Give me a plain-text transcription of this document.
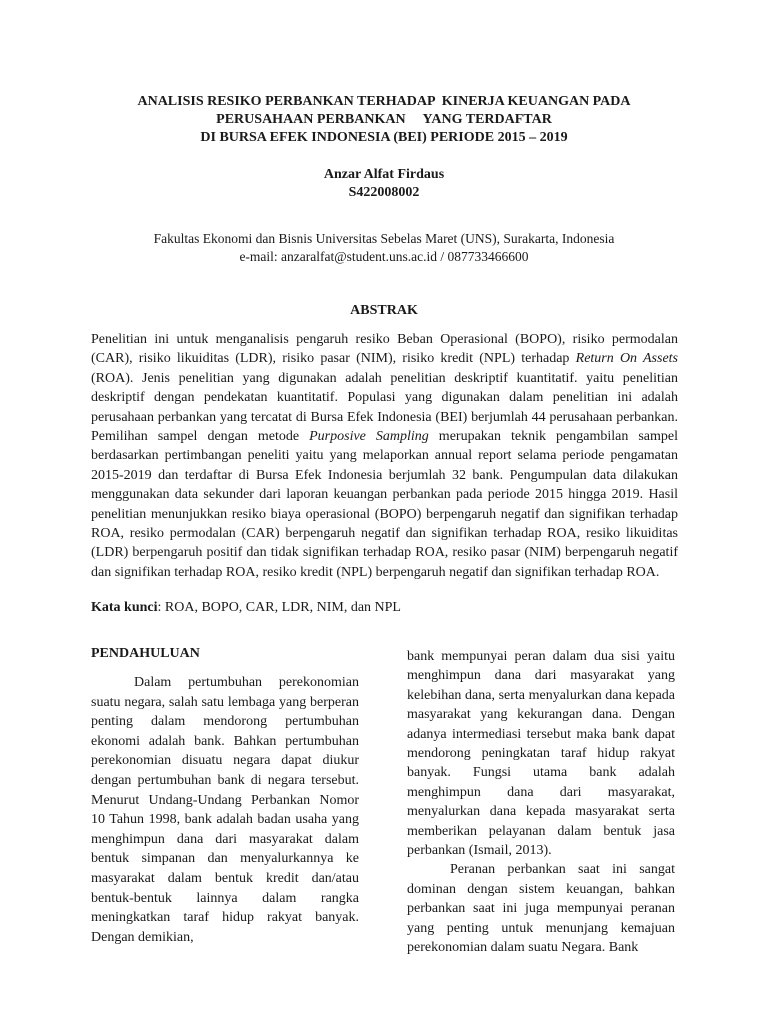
ANALISIS RESIKO PERBANKAN TERHADAP  KINERJA KEUANGAN PADA
PERUSAHAAN PERBANKAN     YANG TERDAFTAR
DI BURSA EFEK INDONESIA (BEI) PERIODE 2015 – 2019
Anzar Alfat Firdaus
S422008002
Fakultas Ekonomi dan Bisnis Universitas Sebelas Maret (UNS), Surakarta, Indonesia
e-mail: anzaralfat@student.uns.ac.id / 087733466600
ABSTRAK

Penelitian ini untuk menganalisis pengaruh resiko Beban Operasional (BOPO), risiko permodalan (CAR), risiko likuiditas (LDR), risiko pasar (NIM), risiko kredit (NPL) terhadap Return On Assets (ROA). Jenis penelitian yang digunakan adalah penelitian deskriptif kuantitatif. yaitu penelitian deskriptif dengan pendekatan kuantitatif. Populasi yang digunakan dalam penelitian ini adalah perusahaan perbankan yang tercatat di Bursa Efek Indonesia (BEI) berjumlah 44 perusahaan perbankan. Pemilihan sampel dengan metode Purposive Sampling merupakan teknik pengambilan sampel berdasarkan pertimbangan peneliti yaitu yang melaporkan annual report selama periode pengamatan 2015-2019 dan terdaftar di Bursa Efek Indonesia berjumlah 32 bank. Pengumpulan data dilakukan menggunakan data sekunder dari laporan keuangan perbankan pada periode 2015 hingga 2019. Hasil penelitian menunjukkan resiko biaya operasional (BOPO) berpengaruh negatif dan signifikan terhadap ROA, resiko permodalan (CAR) berpengaruh negatif dan signifikan terhadap ROA, resiko likuiditas (LDR) berpengaruh positif dan tidak signifikan terhadap ROA, resiko pasar (NIM) berpengaruh negatif dan signifikan terhadap ROA, resiko kredit (NPL) berpengaruh negatif dan signifikan terhadap ROA.

Kata kunci: ROA, BOPO, CAR, LDR, NIM, dan NPL
PENDAHULUAN

Dalam pertumbuhan perekonomian suatu negara, salah satu lembaga yang berperan penting dalam mendorong pertumbuhan ekonomi adalah bank. Bahkan pertumbuhan perekonomian disuatu negara dapat diukur dengan pertumbuhan bank di negara tersebut. Menurut Undang-Undang Perbankan Nomor 10 Tahun 1998, bank adalah badan usaha yang menghimpun dana dari masyarakat dalam bentuk simpanan dan menyalurkannya ke masyarakat dalam bentuk kredit dan/atau bentuk-bentuk lainnya dalam rangka meningkatkan taraf hidup rakyat banyak. Dengan demikian,

bank mempunyai peran dalam dua sisi yaitu menghimpun dana dari masyarakat yang kelebihan dana, serta menyalurkan dana kepada masyarakat yang kekurangan dana. Dengan adanya intermediasi tersebut maka bank dapat mendorong peningkatan taraf hidup rakyat banyak. Fungsi utama bank adalah menghimpun dana dari masyarakat, menyalurkan dana kepada masyarakat serta memberikan pelayanan dalam bentuk jasa perbankan (Ismail, 2013).

Peranan perbankan saat ini sangat dominan dengan sistem keuangan, bahkan perbankan saat ini juga mempunyai peranan yang penting untuk menunjang kemajuan perekonomian dalam suatu Negara. Bank
